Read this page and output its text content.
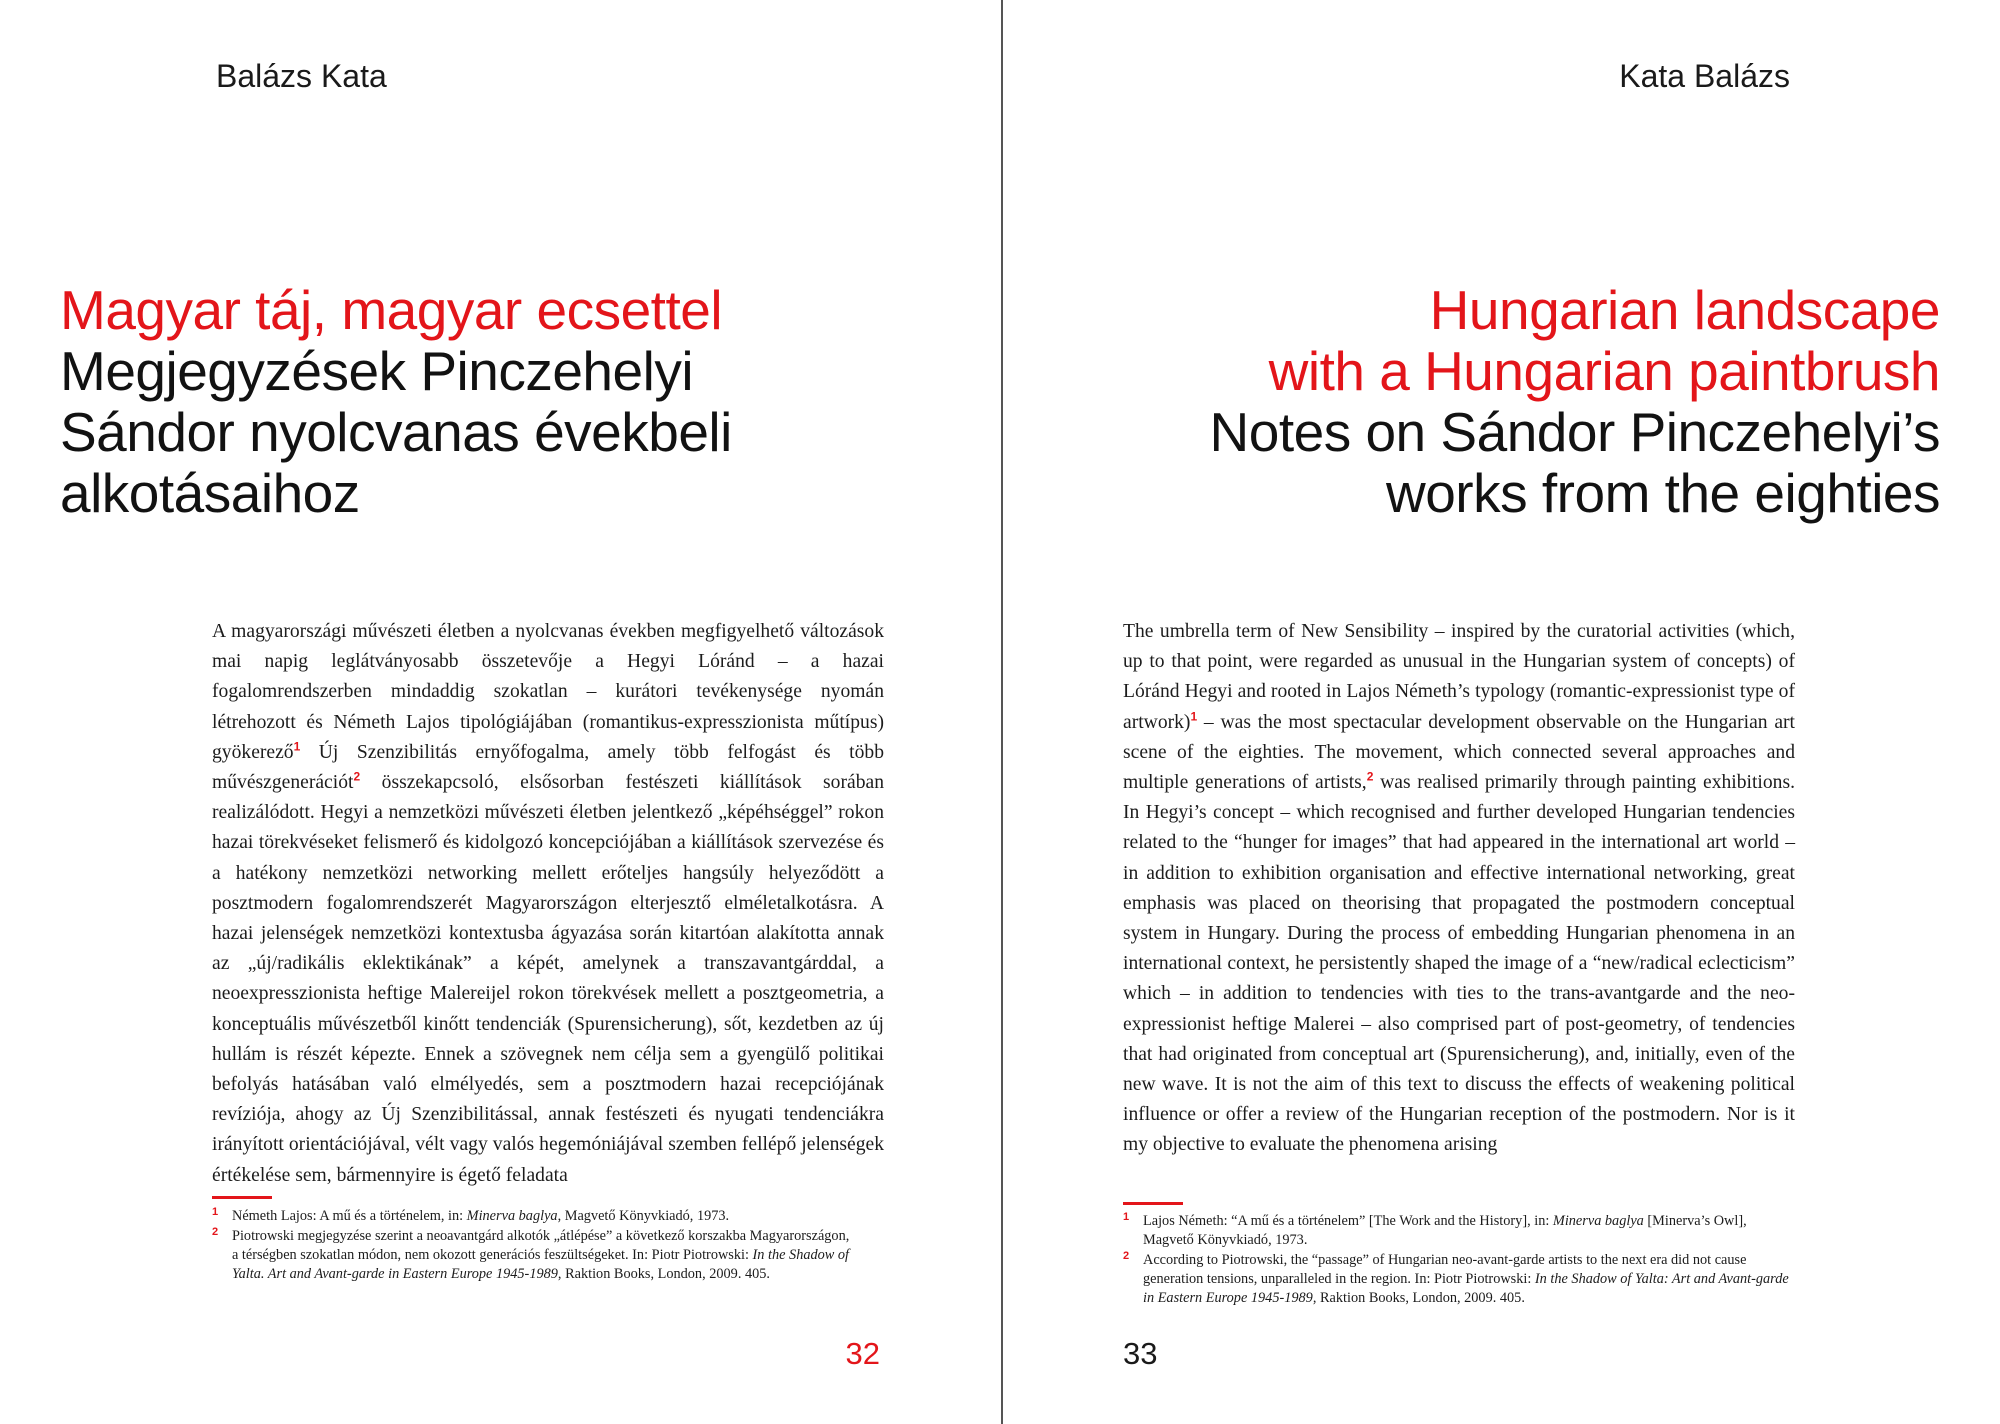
Balázs Kata

Magyar táj, magyar ecsettel
Megjegyzések Pinczehelyi
Sándor nyolcvanas évekbeli
alkotásaihoz

A magyarországi művészeti életben a nyolcvanas években megfigyelhető változások mai napig leglátványosabb összetevője a Hegyi Lóránd – a hazai fogalomrendszerben mindaddig szokatlan – kurátori tevékenysége nyomán létrehozott és Németh Lajos tipológiájában (romantikus-expresszionista műtípus) gyökerező$^1$ Új Szenzibilitás ernyőfogalma, amely több felfogást és több művészgenerációt$^2$ összekapcsoló, elsősorban festészeti kiállítások sorában realizálódott. Hegyi a nemzetközi művészeti életben jelentkező „képéhséggel” rokon hazai törekvéseket felismerő és kidolgozó koncepciójában a kiállítások szervezése és a hatékony nemzetközi networking mellett erőteljes hangsúly helyeződött a posztmodern fogalomrendszerét Magyarországon elterjesztő elméletalkotásra. A hazai jelenségek nemzetközi kontextusba ágyazása során kitartóan alakította annak az „új/radikális eklektikának” a képét, amelynek a transzavantgárddal, a neoexpresszionista heftige Malereijel rokon törekvések mellett a posztgeometria, a konceptuális művészetből kinőtt tendenciák (Spurensicherung), sőt, kezdetben az új hullám is részét képezte. Ennek a szövegnek nem célja sem a gyengülő politikai befolyás hatásában való elmélyedés, sem a posztmodern hazai recepciójának revíziója, ahogy az Új Szenzibilitással, annak festészeti és nyugati tendenciákra irányított orientációjával, vélt vagy valós hegemóniájával szemben fellépő jelenségek értékelése sem, bármennyire is égető feladata

1 Németh Lajos: A mű és a történelem, in: Minerva baglya, Magvető Könyvkiadó, 1973.
2 Piotrowski megjegyzése szerint a neoavantgárd alkotók „átlépése” a következő korszakba Magyarországon, a térségben szokatlan módon, nem okozott generációs feszültségeket. In: Piotr Piotrowski: In the Shadow of Yalta. Art and Avant-garde in Eastern Europe 1945-1989, Raktion Books, London, 2009. 405.

32

Kata Balázs

Hungarian landscape
with a Hungarian paintbrush
Notes on Sándor Pinczehelyi’s
works from the eighties

The umbrella term of New Sensibility – inspired by the curatorial activities (which, up to that point, were regarded as unusual in the Hungarian system of concepts) of Lóránd Hegyi and rooted in Lajos Németh’s typology (romantic-expressionist type of artwork)$^1$ – was the most spectacular development observable on the Hungarian art scene of the eighties. The movement, which connected several approaches and multiple generations of artists,$^2$ was realised primarily through painting exhibitions. In Hegyi’s concept – which recognised and further developed Hungarian tendencies related to the “hunger for images” that had appeared in the international art world – in addition to exhibition organisation and effective international networking, great emphasis was placed on theorising that propagated the postmodern conceptual system in Hungary. During the process of embedding Hungarian phenomena in an international context, he persistently shaped the image of a “new/radical eclecticism” which – in addition to tendencies with ties to the trans-avantgarde and the neo-expressionist heftige Malerei – also comprised part of post-geometry, of tendencies that had originated from conceptual art (Spurensicherung), and, initially, even of the new wave. It is not the aim of this text to discuss the effects of weakening political influence or offer a review of the Hungarian reception of the postmodern. Nor is it my objective to evaluate the phenomena arising

1 Lajos Németh: “A mű és a történelem” [The Work and the History], in: Minerva baglya [Minerva’s Owl], Magvető Könyvkiadó, 1973.
2 According to Piotrowski, the “passage” of Hungarian neo-avant-garde artists to the next era did not cause generation tensions, unparalleled in the region. In: Piotr Piotrowski: In the Shadow of Yalta: Art and Avant-garde in Eastern Europe 1945-1989, Raktion Books, London, 2009. 405.

33
